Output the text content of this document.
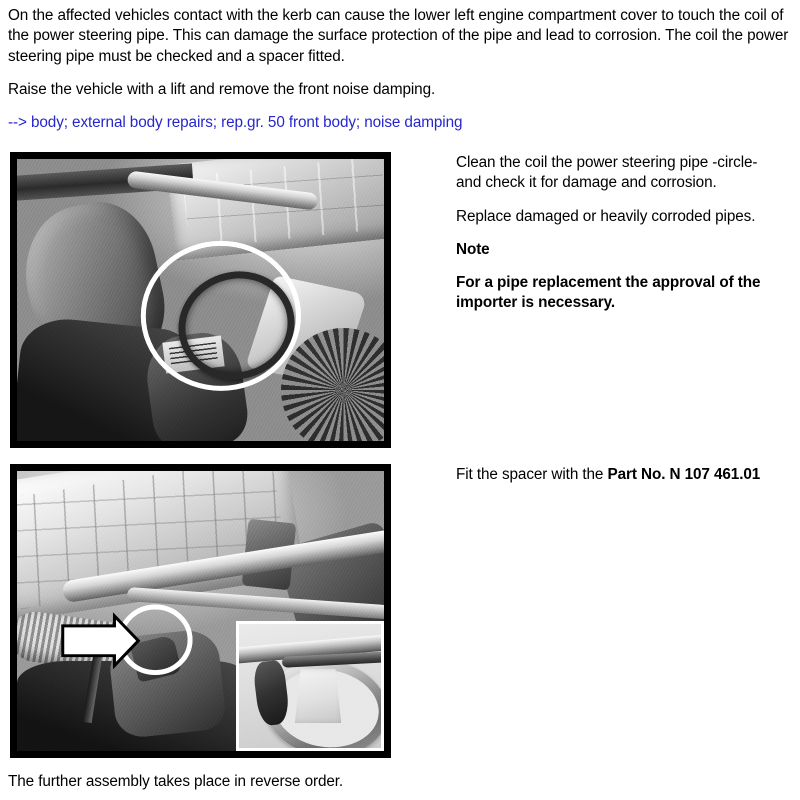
On the affected vehicles contact with the kerb can cause the lower left engine compartment cover to touch the coil of the power steering pipe. This can damage the surface protection of the pipe and lead to corrosion. The coil the power steering pipe must be checked and a spacer fitted.

Raise the vehicle with a lift and remove the front noise damping.

--> body; external body repairs; rep.gr. 50 front body; noise damping

Clean the coil the power steering pipe -circle- and check it for damage and corrosion.

Replace damaged or heavily corroded pipes.

Note

For a pipe replacement the approval of the importer is necessary.

Fit the spacer with the Part No. N 107 461.01

The further assembly takes place in reverse order.
